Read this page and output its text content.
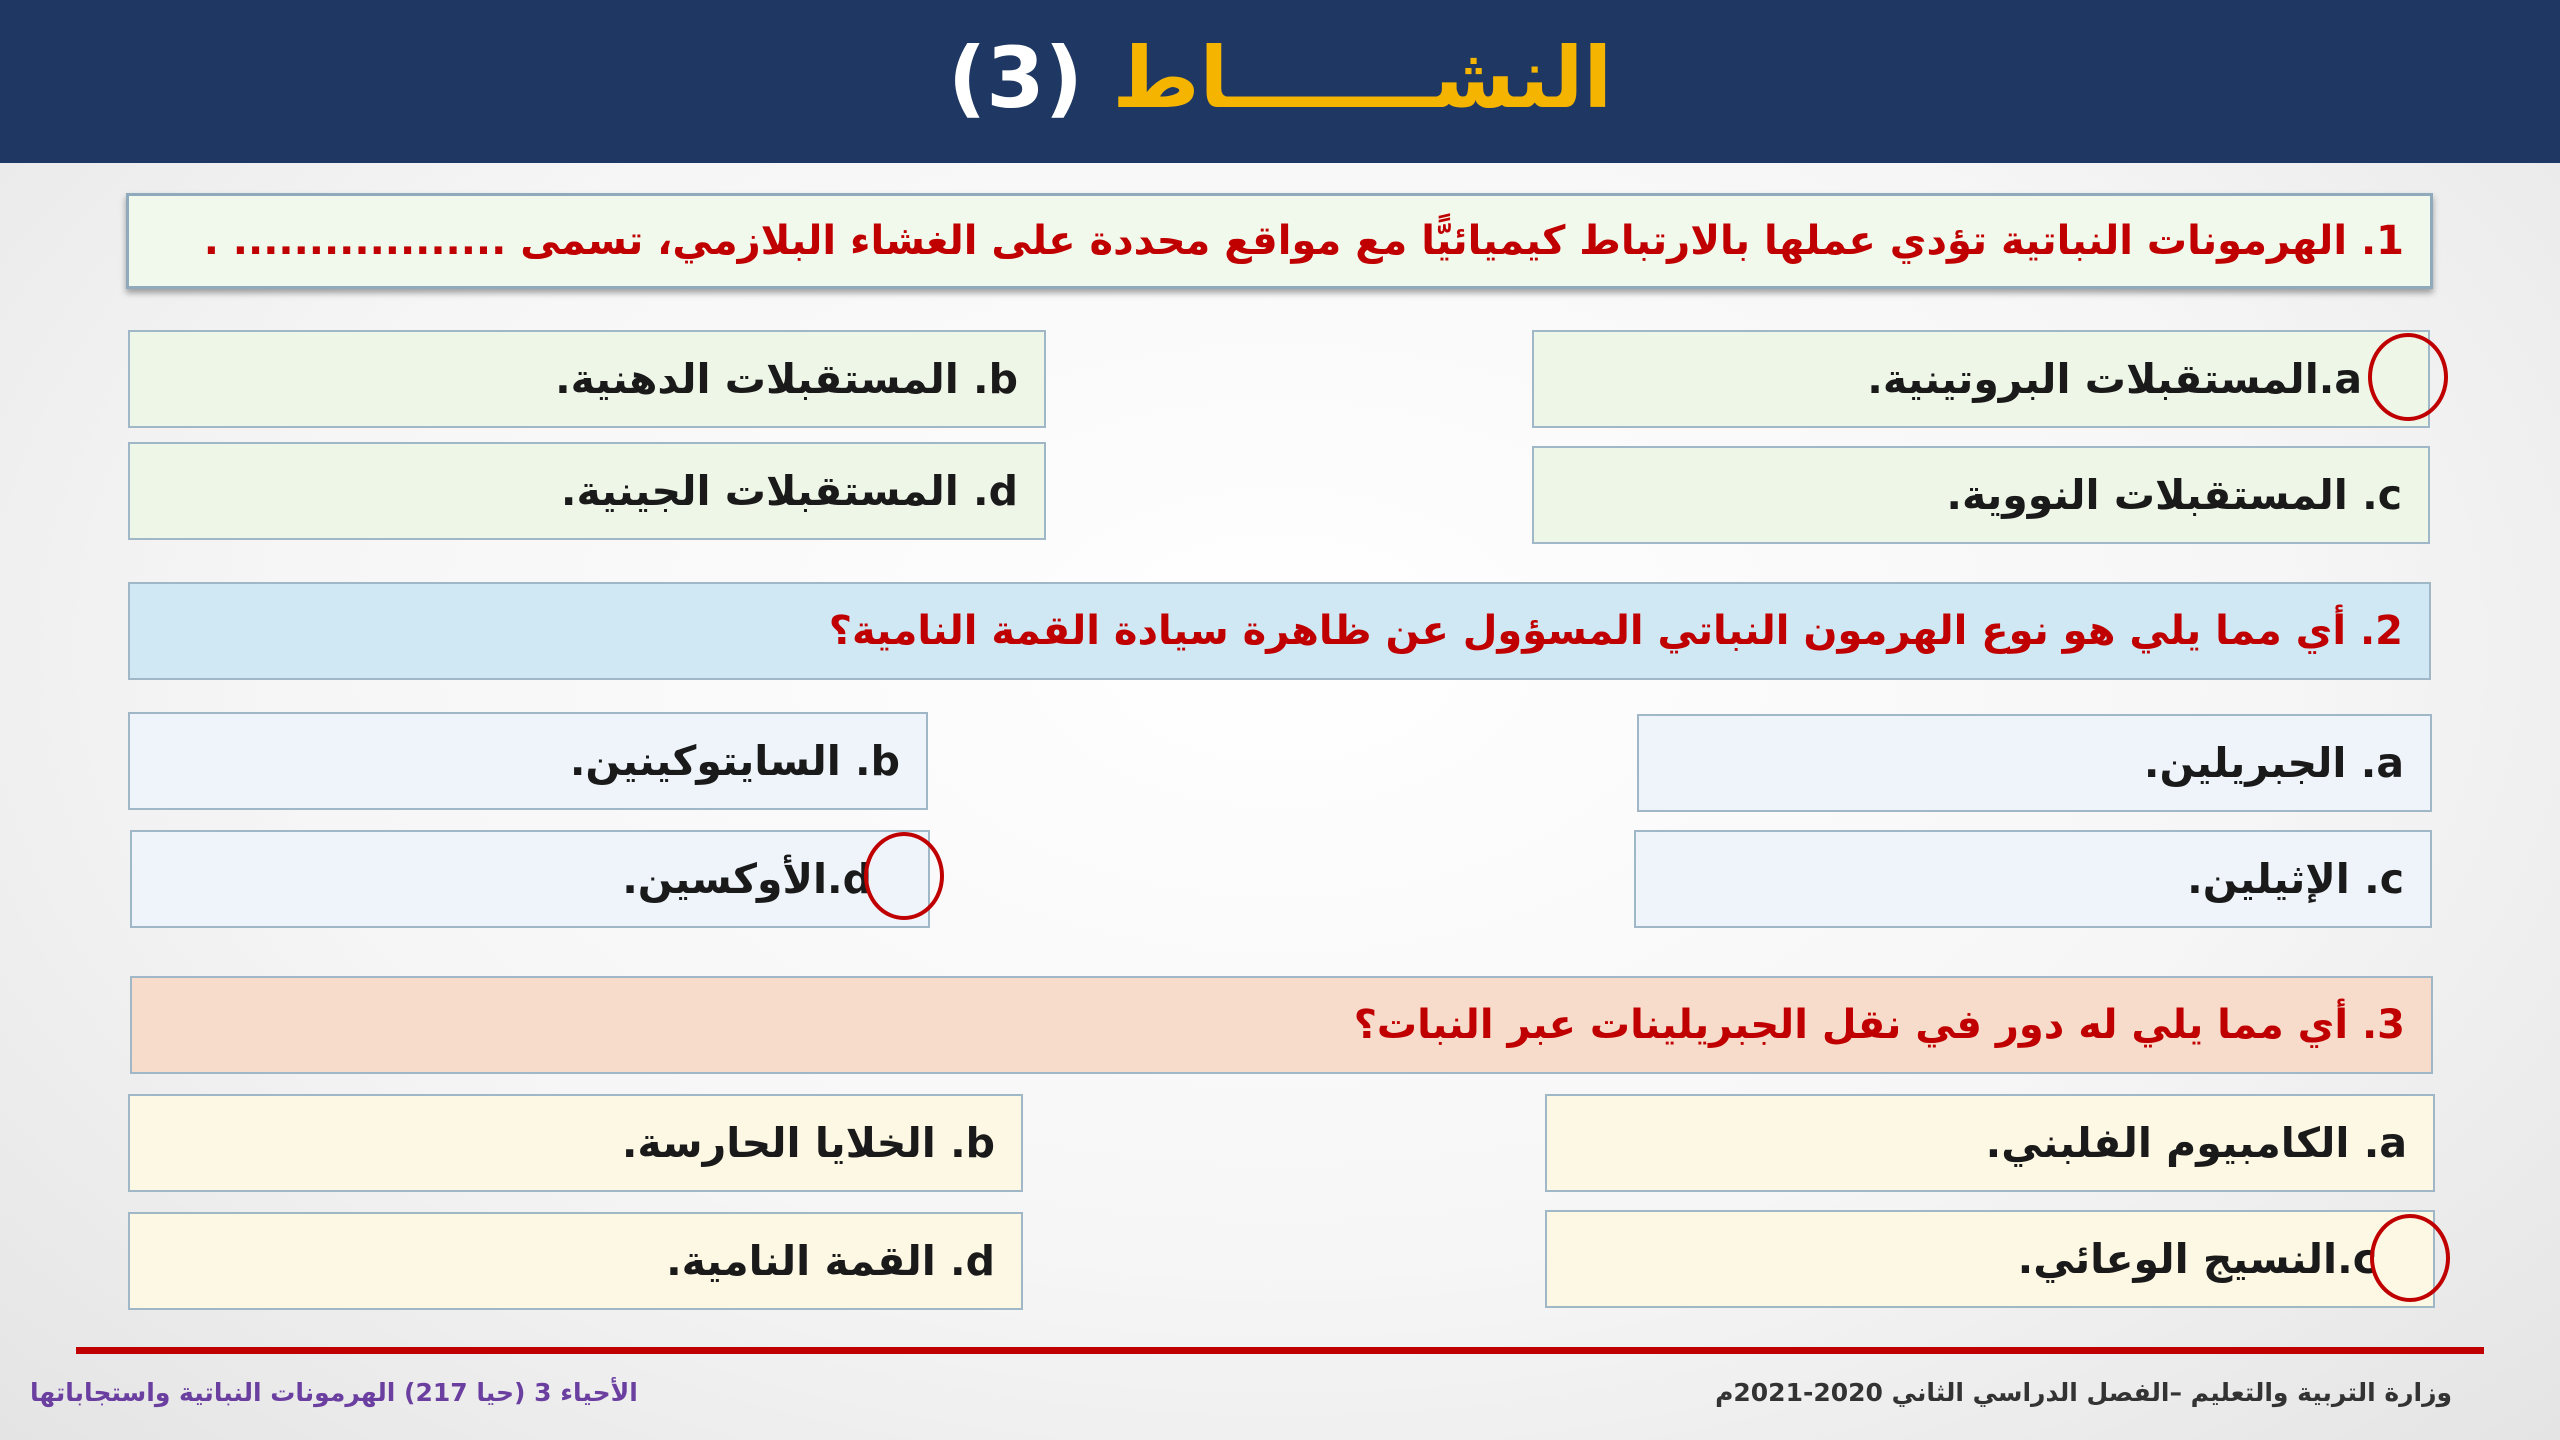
(3) النشـــــــاط
1. الهرمونات النباتية تؤدي عملها بالارتباط كيميائيًّا مع مواقع محددة على الغشاء البلازمي، تسمى .................. .
a.المستقبلات البروتينية.
b. المستقبلات الدهنية.
c. المستقبلات النووية.
d. المستقبلات الجينية.
2. أي مما يلي هو نوع الهرمون النباتي المسؤول عن ظاهرة سيادة القمة النامية؟
a. الجبريلين.
b. السايتوكينين.
c. الإثيلين.
d.الأوكسين.
3. أي مما يلي له دور في نقل الجبريلينات عبر النبات؟
a. الكامبيوم الفلبني.
b. الخلايا الحارسة.
c.النسيج الوعائي.
d. القمة النامية.
الأحياء 3 (حيا 217) الهرمونات النباتية واستجاباتها	وزارة التربية والتعليم –الفصل الدراسي الثاني 2020-2021م
